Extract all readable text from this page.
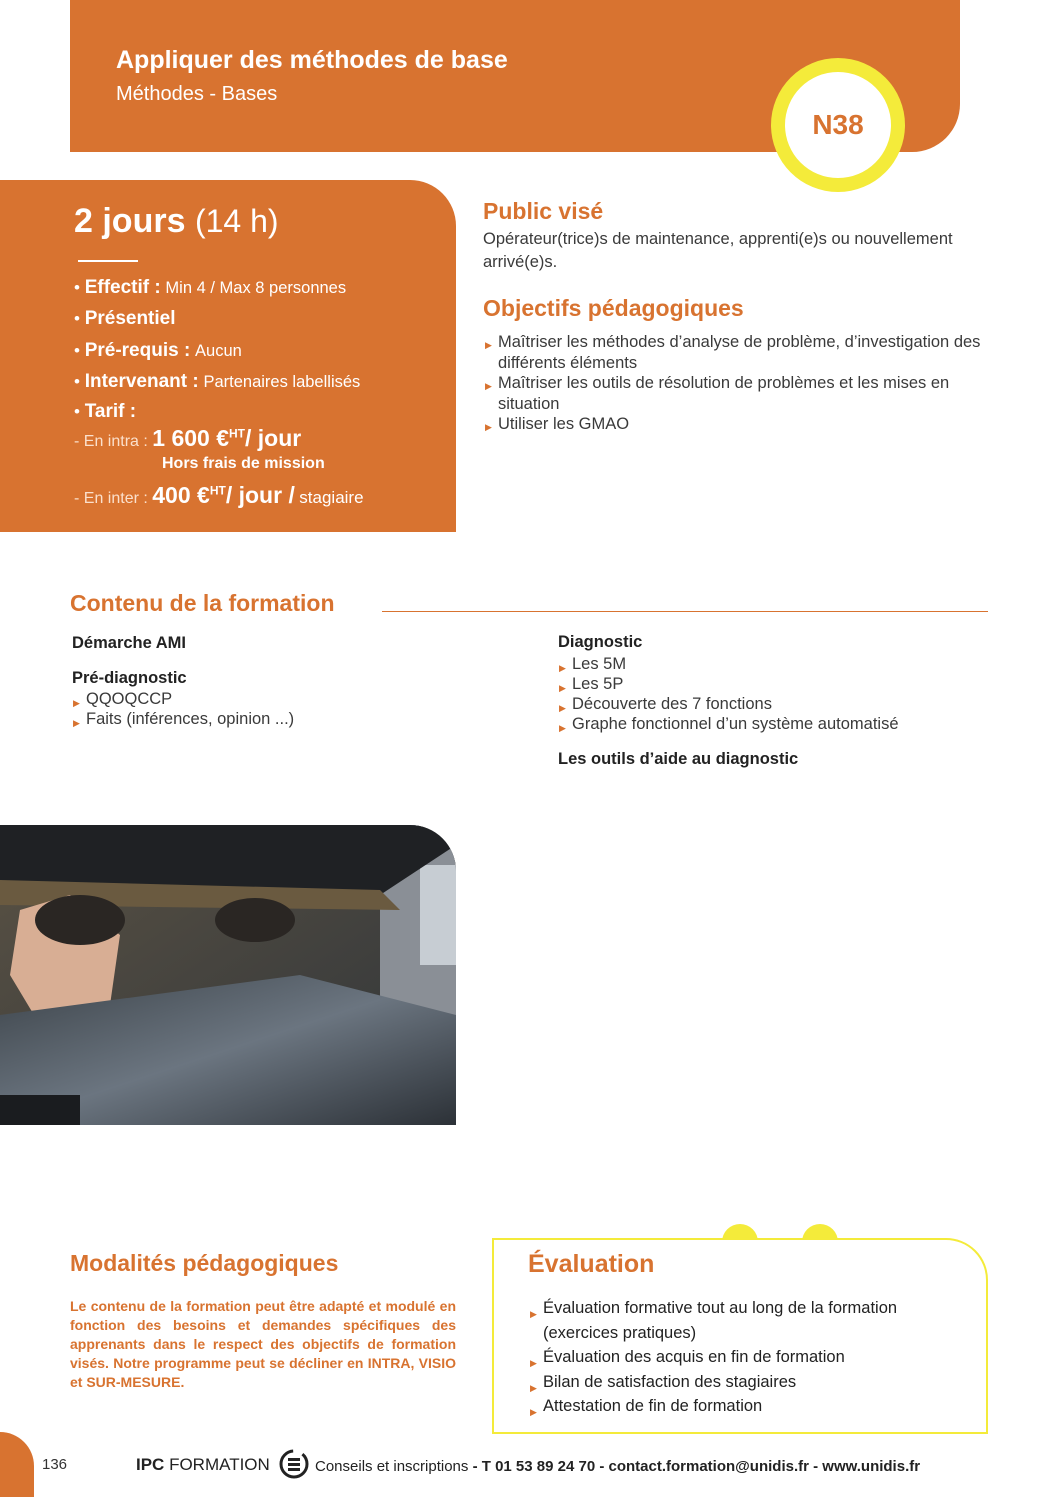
Appliquer des méthodes de base
Méthodes - Bases
N38
2 jours (14 h)
• Effectif : Min 4 / Max 8 personnes
• Présentiel
• Pré-requis : Aucun
• Intervenant : Partenaires labellisés
• Tarif :
- En intra : 1 600 €$^{HT}$/ jour
Hors frais de mission
- En inter : 400 €$^{HT}$/ jour / stagiaire
Public visé
Opérateur(trice)s de maintenance, apprenti(e)s ou nouvellement arrivé(e)s.
Objectifs pédagogiques
▶ Maîtriser les méthodes d’analyse de problème, d’investigation des différents éléments
▶ Maîtriser les outils de résolution de problèmes et les mises en situation
▶ Utiliser les GMAO
Contenu de la formation
Démarche AMI
Pré-diagnostic
▶ QQOQCCP
▶ Faits (inférences, opinion ...)
Diagnostic
▶ Les 5M
▶ Les 5P
▶ Découverte des 7 fonctions
▶ Graphe fonctionnel d’un système automatisé
Les outils d’aide au diagnostic
Modalités pédagogiques
Le contenu de la formation peut être adapté et modulé en fonction des besoins et demandes spécifiques des apprenants dans le respect des objectifs de formation visés. Notre programme peut se décliner en INTRA, VISIO et SUR-MESURE.
Évaluation
▶ Évaluation formative tout au long de la formation (exercices pratiques)
▶ Évaluation des acquis en fin de formation
▶ Bilan de satisfaction des stagiaires
▶ Attestation de fin de formation
136	IPC FORMATION	Conseils et inscriptions - T 01 53 89 24 70 - contact.formation@unidis.fr - www.unidis.fr
